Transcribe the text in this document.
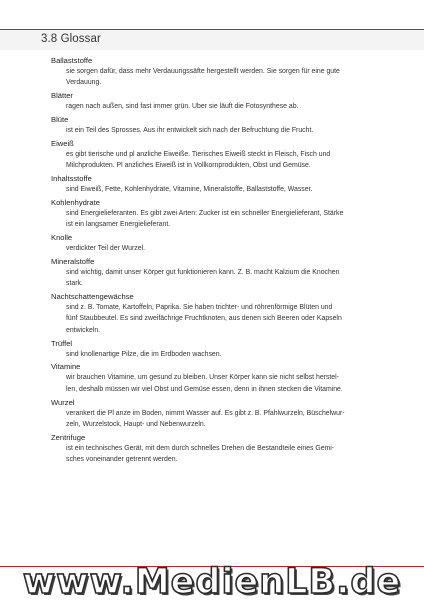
3.8 Glossar

Ballaststoffe

sie sorgen dafür, dass mehr Verdauungssäfte hergestellt werden. Sie sorgen für eine gute

Verdauung.

Blätter

ragen nach außen, sind fast immer grün. Uber sie läuft die Fotosynthese ab.

Blüte

ist ein Teil des Sprosses. Aus ihr entwickelt sich nach der Befruchtung die Frucht.

Eiweiß

es gibt tierische und pl anzliche Eiweiße. Tierisches Eiweiß steckt in Fleisch, Fisch und

Milchprodukten. Pl anzliches Eiweiß ist in Vollkornprodukten, Obst und Gemüse.

Inhaltsstoffe

sind Eiweiß, Fette, Kohlenhydrate, Vitamine, Mineralstoffe, Ballaststoffe, Wasser.

Kohlenhydrate

sind Energielieferanten. Es gibt zwei Arten: Zucker ist ein schneller Energielieferant, Stärke

ist ein langsamer Energielieferant.

Knolle

verdickter Teil der Wurzel.

Mineralstoffe

sind wichtig, damit unser Körper gut funktionieren kann. Z. B. macht Kalzium die Knochen

stark.

Nachtschattengewächse

sind z. B. Tomate, Kartoffeln, Paprika. Sie haben trichter- und röhrenförmige Blüten und

fünf Staubbeutel. Es sind zweifächrige Fruchtknoten, aus denen sich Beeren oder Kapseln

entwickeln.

Trüffel

sind knollenartige Pilze, die im Erdboden wachsen.

Vitamine

wir brauchen Vitamine, um gesund zu bleiben. Unser Körper kann sie nicht selbst herstel-

len, deshalb müssen wir viel Obst und Gemüse essen, denn in ihnen stecken die Vitamine.

Wurzel

verankert die Pl anze im Boden, nimmt Wasser auf. Es gibt z. B. Pfahlwurzeln, Büschelwur-

zeln, Wurzelstock, Haupt- und Nebenwurzeln.

Zentrifuge

ist ein technisches Gerät, mit dem durch schnelles Drehen die Bestandteile eines Gemi-

sches voneinander getrennt werden.

www.MedienLB.de
